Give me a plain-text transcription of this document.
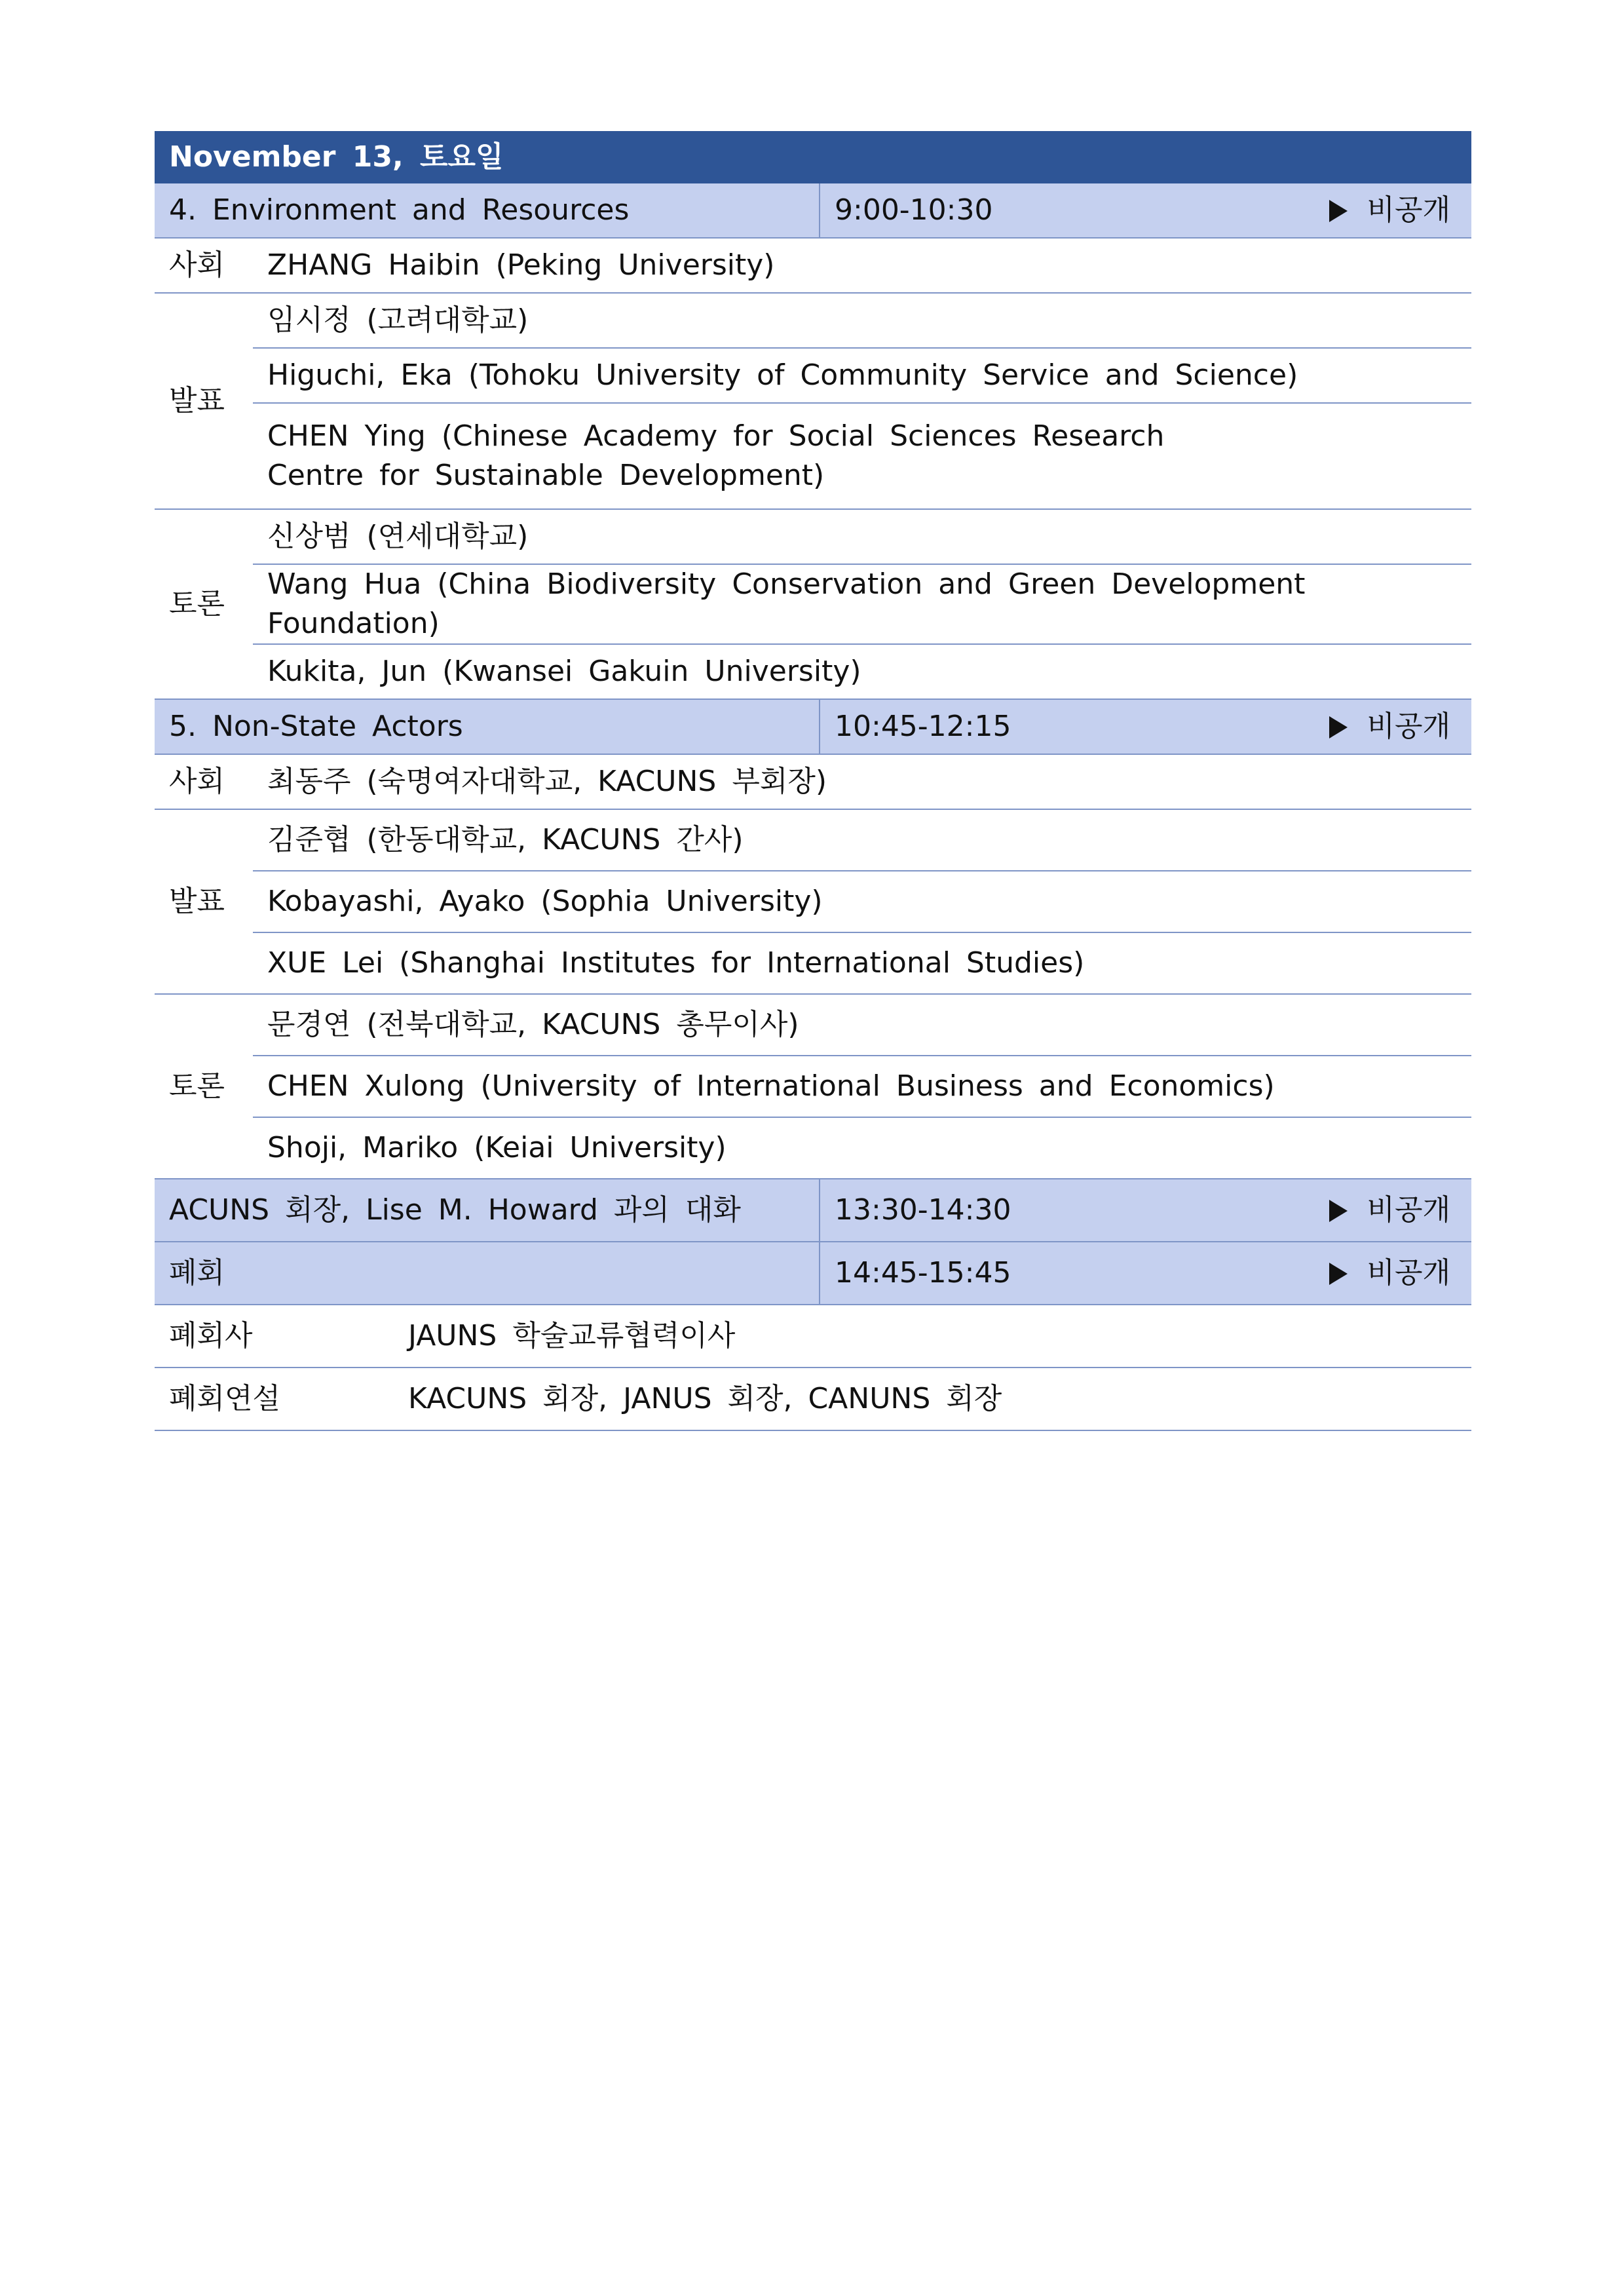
November 13, 토요일				
4. Environment and Resources			9:00-10:30	비공개
사회	ZHANG Haibin (Peking University)			
발표	임시정 (고려대학교)			
	Higuchi, Eka (Tohoku University of Community Service and Science)			
	CHEN Ying (Chinese Academy for Social Sciences Research Centre for Sustainable Development)			
토론	신상범 (연세대학교)			
	Wang Hua (China Biodiversity Conservation and Green Development Foundation)			
	Kukita, Jun (Kwansei Gakuin University)			
5. Non-State Actors			10:45-12:15	비공개
사회	최동주 (숙명여자대학교, KACUNS 부회장)			
발표	김준협 (한동대학교, KACUNS 간사)			
	Kobayashi, Ayako (Sophia University)			
	XUE Lei (Shanghai Institutes for International Studies)			
토론	문경연 (전북대학교, KACUNS 총무이사)			
	CHEN Xulong (University of International Business and Economics)			
	Shoji, Mariko (Keiai University)			
ACUNS 회장, Lise M. Howard 과의 대화			13:30-14:30	비공개
폐회			14:45-15:45	비공개
폐회사		JAUNS 학술교류협력이사		
폐회연설		KACUNS 회장, JANUS 회장, CANUNS 회장		
